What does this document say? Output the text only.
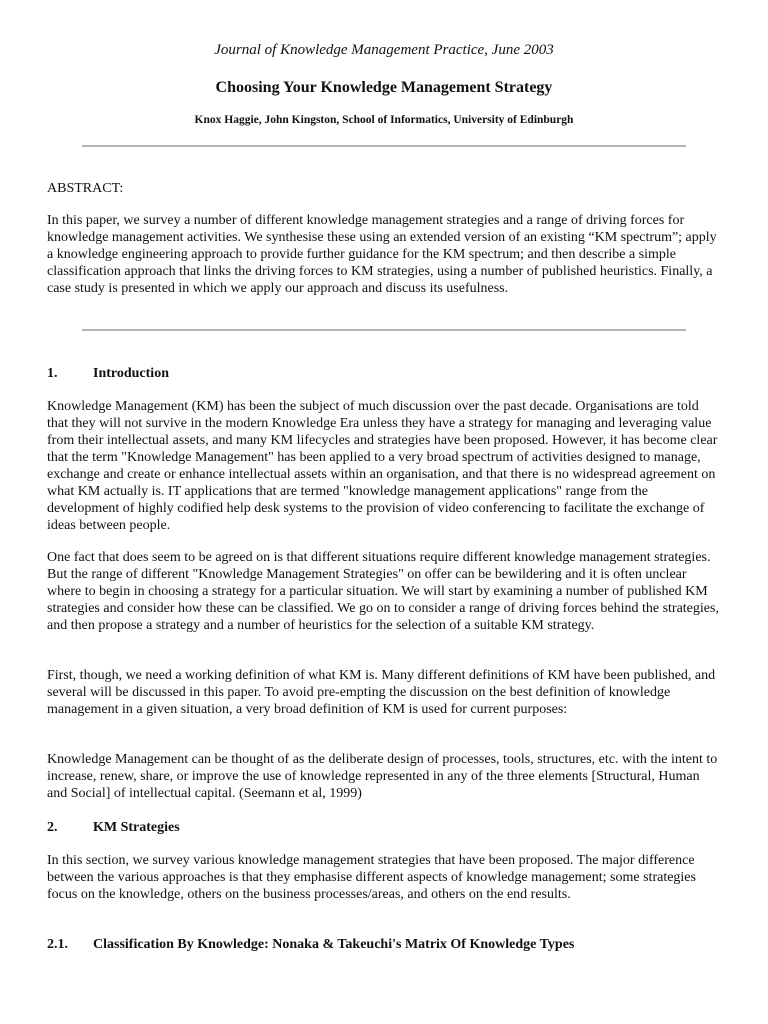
Journal of Knowledge Management Practice, June 2003
Choosing Your Knowledge Management Strategy
Knox Haggie, John Kingston, School of Informatics, University of Edinburgh
ABSTRACT:
In this paper, we survey a number of different knowledge management strategies and a range of driving forces for knowledge management activities. We synthesise these using an extended version of an existing “KM spectrum”; apply a knowledge engineering approach to provide further guidance for the KM spectrum; and then describe a simple classification approach that links the driving forces to KM strategies, using a number of published heuristics. Finally, a case study is presented in which we apply our approach and discuss its usefulness.
1.	Introduction
Knowledge Management (KM) has been the subject of much discussion over the past decade. Organisations are told that they will not survive in the modern Knowledge Era unless they have a strategy for managing and leveraging value from their intellectual assets, and many KM lifecycles and strategies have been proposed. However, it has become clear that the term "Knowledge Management" has been applied to a very broad spectrum of activities designed to manage, exchange and create or enhance intellectual assets within an organisation, and that there is no widespread agreement on what KM actually is. IT applications that are termed "knowledge management applications" range from the development of highly codified help desk systems to the provision of video conferencing to facilitate the exchange of ideas between people.
One fact that does seem to be agreed on is that different situations require different knowledge management strategies. But the range of different "Knowledge Management Strategies" on offer can be bewildering and it is often unclear where to begin in choosing a strategy for a particular situation. We will start by examining a number of published KM strategies and consider how these can be classified. We go on to consider a range of driving forces behind the strategies, and then propose a strategy and a number of heuristics for the selection of a suitable KM strategy.
First, though, we need a working definition of what KM is. Many different definitions of KM have been published, and several will be discussed in this paper. To avoid pre-empting the discussion on the best definition of knowledge management in a given situation, a very broad definition of KM is used for current purposes:
Knowledge Management can be thought of as the deliberate design of processes, tools, structures, etc. with the intent to increase, renew, share, or improve the use of knowledge represented in any of the three elements [Structural, Human and Social] of intellectual capital. (Seemann et al, 1999)
2.	KM Strategies
In this section, we survey various knowledge management strategies that have been proposed. The major difference between the various approaches is that they emphasise different aspects of knowledge management; some strategies focus on the knowledge, others on the business processes/areas, and others on the end results.
2.1. Classification By Knowledge: Nonaka & Takeuchi's Matrix Of Knowledge Types
